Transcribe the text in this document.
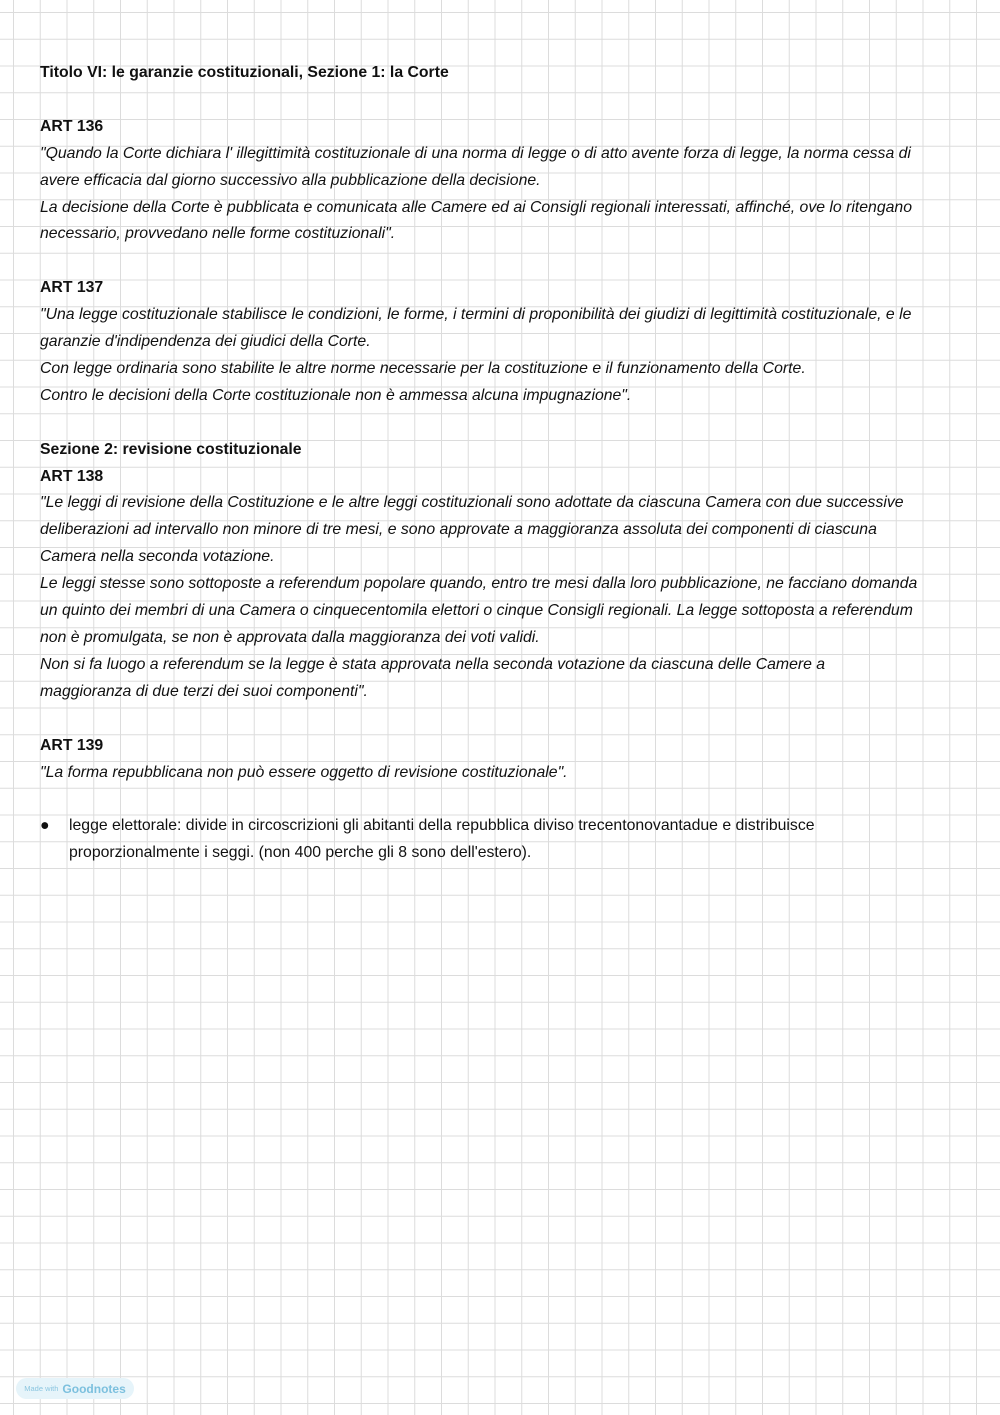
Titolo VI: le garanzie costituzionali, Sezione 1: la Corte
ART 136
"Quando la Corte dichiara l' illegittimità costituzionale di una norma di legge o di atto avente forza di legge, la norma cessa di
avere efficacia dal giorno successivo alla pubblicazione della decisione.
La decisione della Corte è pubblicata e comunicata alle Camere ed ai Consigli regionali interessati, affinché, ove lo ritengano
necessario, provvedano nelle forme costituzionali".
ART 137
"Una legge costituzionale stabilisce le condizioni, le forme, i termini di proponibilità dei giudizi di legittimità costituzionale, e le
garanzie d'indipendenza dei giudici della Corte.
Con legge ordinaria sono stabilite le altre norme necessarie per la costituzione e il funzionamento della Corte.
Contro le decisioni della Corte costituzionale non è ammessa alcuna impugnazione".
Sezione 2: revisione costituzionale
ART 138
"Le leggi di revisione della Costituzione e le altre leggi costituzionali sono adottate da ciascuna Camera con due successive
deliberazioni ad intervallo non minore di tre mesi, e sono approvate a maggioranza assoluta dei componenti di ciascuna
Camera nella seconda votazione.
Le leggi stesse sono sottoposte a referendum popolare quando, entro tre mesi dalla loro pubblicazione, ne facciano domanda
un quinto dei membri di una Camera o cinquecentomila elettori o cinque Consigli regionali. La legge sottoposta a referendum
non è promulgata, se non è approvata dalla maggioranza dei voti validi.
Non si fa luogo a referendum se la legge è stata approvata nella seconda votazione da ciascuna delle Camere a
maggioranza di due terzi dei suoi componenti".
ART 139
"La forma repubblicana non può essere oggetto di revisione costituzionale".
● legge elettorale: divide in circoscrizioni gli abitanti della repubblica diviso trecentonovantadue e distribuisce
proporzionalmente i seggi. (non 400 perche gli 8 sono dell'estero).
Made with Goodnotes
